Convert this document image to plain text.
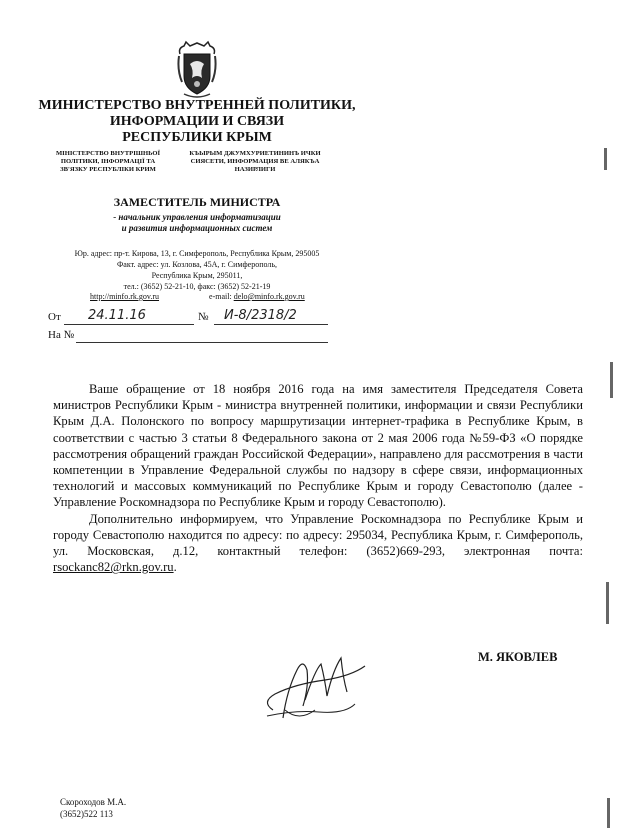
МИНИСТЕРСТВО ВНУТРЕННЕЙ ПОЛИТИКИ,
ИНФОРМАЦИИ И СВЯЗИ
РЕСПУБЛИКИ КРЫМ
МІНІСТЕРСТВО ВНУТРІШНЬОЇ
ПОЛІТИКИ, ІНФОРМАЦІЇ ТА
ЗВ'ЯЗКУ РЕСПУБЛІКИ КРИМ
КЪЫРЫМ ДЖУМХУРИЕТИНИНЪ ИЧКИ
СИЯСЕТИ, ИНФОРМАЦИЯ ВЕ АЛЯКЪА
НАЗИРЛИГИ
ЗАМЕСТИТЕЛЬ МИНИСТРА
- начальник управления информатизации
и развития информационных систем
Юр. адрес: пр-т. Кирова, 13, г. Симферополь, Республика Крым, 295005
Факт. адрес: ул. Козлова, 45А, г. Симферополь,
Республика Крым, 295011,
тел.: (3652) 52-21-10, факс: (3652) 52-21-19
http://minfo.rk.gov.ru	e-mail: delo@minfo.rk.gov.ru
От 24.11.16	№ И-8/2318/2
На №

Ваше обращение от 18 ноября 2016 года на имя заместителя Председателя Совета министров Республики Крым - министра внутренней политики, информации и связи Республики Крым Д.А. Полонского по вопросу маршрутизации интернет-трафика в Республике Крым, в соответствии с частью 3 статьи 8 Федерального закона от 2 мая 2006 года №59-ФЗ «О порядке рассмотрения обращений граждан Российской Федерации», направлено для рассмотрения в части компетенции в Управление Федеральной службы по надзору в сфере связи, информационных технологий и массовых коммуникаций по Республике Крым и городу Севастополю (далее - Управление Роскомнадзора по Республике Крым и городу Севастополю).

Дополнительно информируем, что Управление Роскомнадзора по Республике Крым и городу Севастополю находится по адресу: по адресу: 295034, Республика Крым, г. Симферополь, ул. Московская, д.12, контактный телефон: (3652)669-293, электронная почта: rsockanc82@rkn.gov.ru.

М. ЯКОВЛЕВ
Скороходов М.А.
(3652)522 113
